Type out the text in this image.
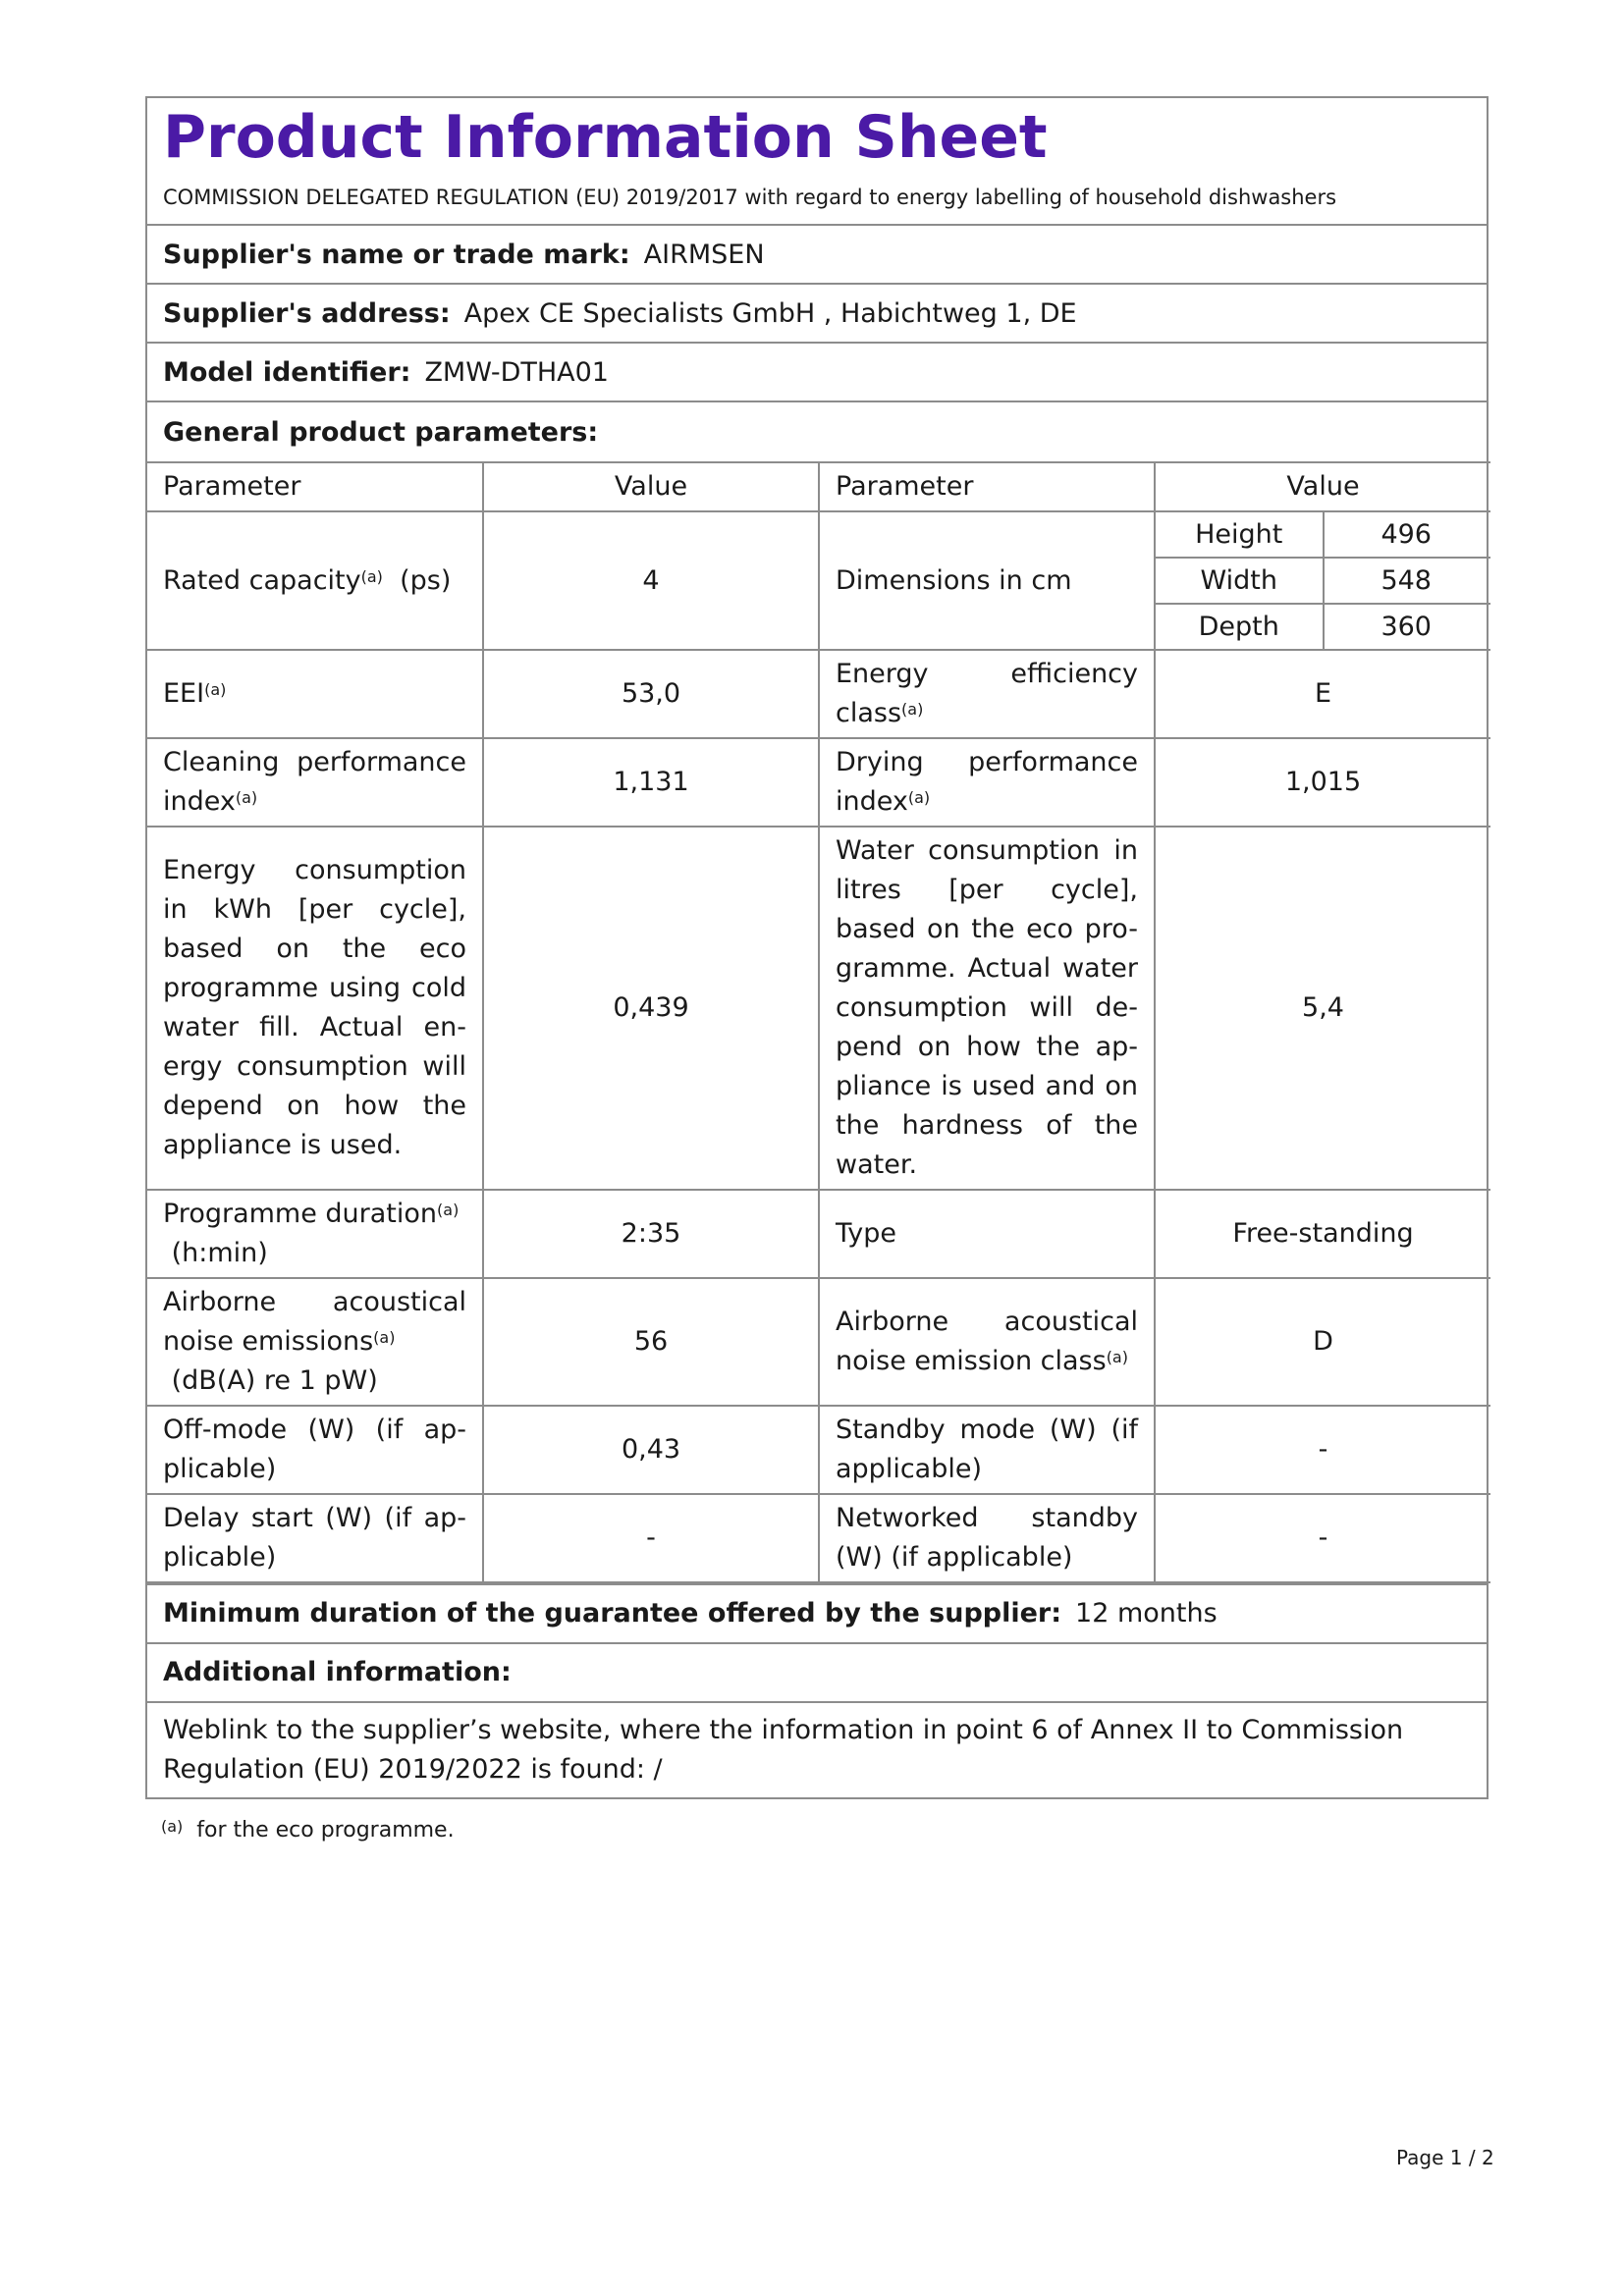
Product Information Sheet
COMMISSION DELEGATED REGULATION (EU) 2019/2017 with regard to energy labelling of household dishwashers
Supplier's name or trade mark: AIRMSEN
Supplier's address: Apex CE Specialists GmbH , Habichtweg 1, DE
Model identifier: ZMW-DTHA01
General product parameters:
Parameter	Value	Parameter	Value
Rated capacity$^{(a)}$ (ps)	4	Dimensions in cm	
Height	496
Width	548
Depth	360

EEI$^{(a)}$	53,0	Energy efficiency class$^{(a)}$	E
Cleaning performance index$^{(a)}$	1,131	Drying performance index$^{(a)}$	1,015
Energy consumption in kWh [per cycle], based on the eco programme using cold water fill. Actual en- ergy consumption will depend on how the appliance is used.	0,439	Water consumption in litres [per cycle], based on the eco pro- gramme. Actual water consumption will de- pend on how the ap- pliance is used and on the hardness of the water.	5,4
Programme duration$^{(a)}$
(h:min)	2:35	Type	Free-standing
Airborne acoustical noise emissions$^{(a)}$
(dB(A) re 1 pW)	56	Airborne acoustical noise emission class$^{(a)}$	D
Off-mode (W) (if ap- plicable)	0,43	Standby mode (W) (if applicable)	-
Delay start (W) (if ap- plicable)	-	Networked standby (W) (if applicable)	-
Minimum duration of the guarantee offered by the supplier: 12 months
Additional information:
Weblink to the supplier’s website, where the information in point 6 of Annex II to Commission Regulation (EU) 2019/2022 is found: /
$^{(a)}$ for the eco programme.
Page 1 / 2
